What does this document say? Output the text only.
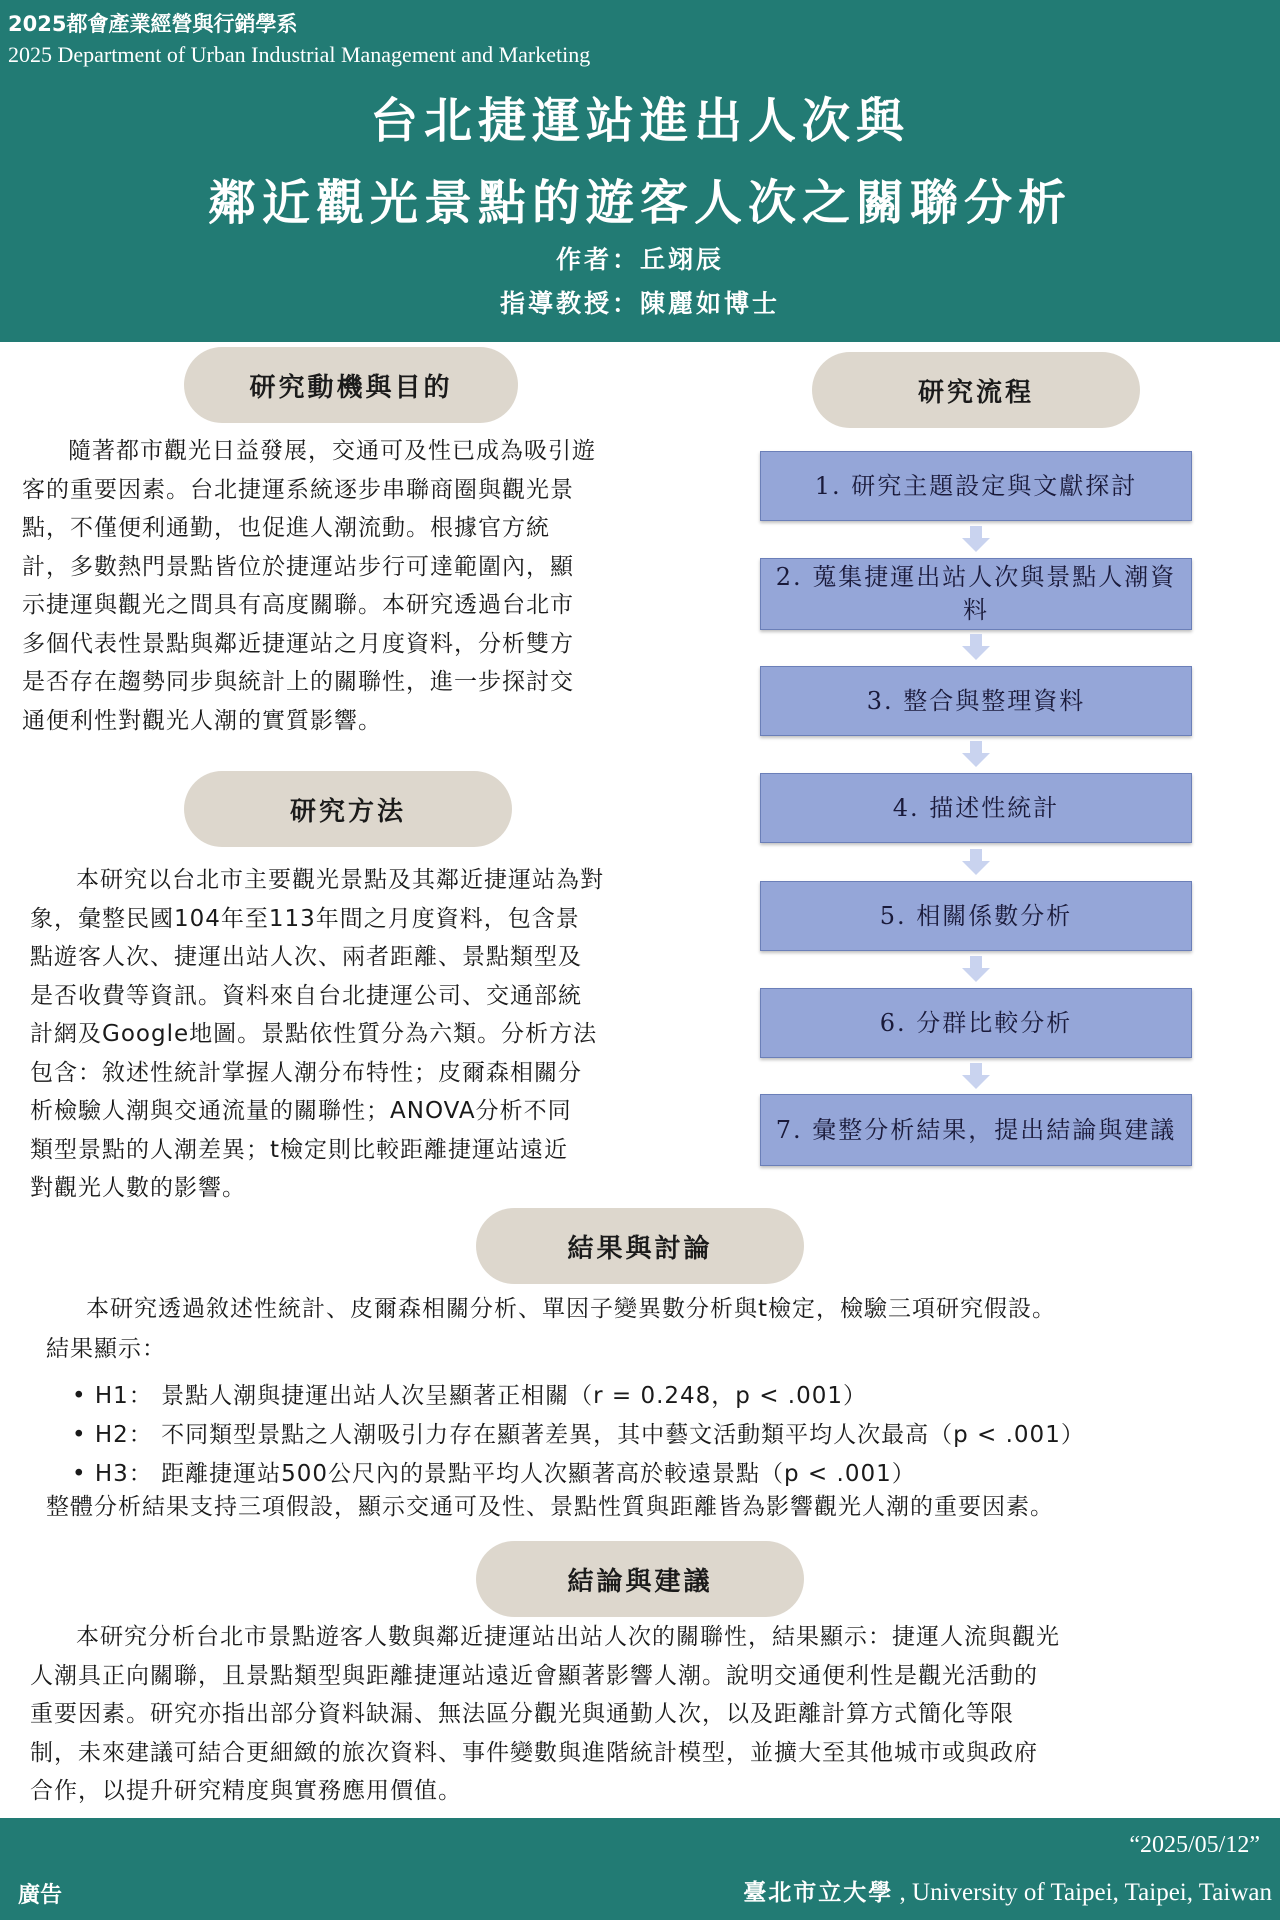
2025都會產業經營與行銷學系
2025 Department of Urban Industrial Management and Marketing
台北捷運站進出人次與
鄰近觀光景點的遊客人次之關聯分析
作者：丘翊辰
指導教授：陳麗如博士
研究動機與目的
隨著都市觀光日益發展，交通可及性已成為吸引遊
客的重要因素。台北捷運系統逐步串聯商圈與觀光景
點，不僅便利通勤，也促進人潮流動。根據官方統
計，多數熱門景點皆位於捷運站步行可達範圍內，顯
示捷運與觀光之間具有高度關聯。本研究透過台北市
多個代表性景點與鄰近捷運站之月度資料，分析雙方
是否存在趨勢同步與統計上的關聯性，進一步探討交
通便利性對觀光人潮的實質影響。
研究方法
本研究以台北市主要觀光景點及其鄰近捷運站為對
象，彙整民國104年至113年間之月度資料，包含景
點遊客人次、捷運出站人次、兩者距離、景點類型及
是否收費等資訊。資料來自台北捷運公司、交通部統
計網及Google地圖。景點依性質分為六類。分析方法
包含：敘述性統計掌握人潮分布特性；皮爾森相關分
析檢驗人潮與交通流量的關聯性；ANOVA分析不同
類型景點的人潮差異；t檢定則比較距離捷運站遠近
對觀光人數的影響。
研究流程
1. 研究主題設定與文獻探討
2. 蒐集捷運出站人次與景點人潮資料
3. 整合與整理資料
4. 描述性統計
5. 相關係數分析
6. 分群比較分析
7. 彙整分析結果，提出結論與建議
結果與討論
本研究透過敘述性統計、皮爾森相關分析、單因子變異數分析與t檢定，檢驗三項研究假設。
結果顯示：
• H1： 景點人潮與捷運出站人次呈顯著正相關（r = 0.248，p < .001）
• H2： 不同類型景點之人潮吸引力存在顯著差異，其中藝文活動類平均人次最高（p < .001）
• H3： 距離捷運站500公尺內的景點平均人次顯著高於較遠景點（p < .001）
整體分析結果支持三項假設，顯示交通可及性、景點性質與距離皆為影響觀光人潮的重要因素。
結論與建議
本研究分析台北市景點遊客人數與鄰近捷運站出站人次的關聯性，結果顯示：捷運人流與觀光
人潮具正向關聯，且景點類型與距離捷運站遠近會顯著影響人潮。說明交通便利性是觀光活動的
重要因素。研究亦指出部分資料缺漏、無法區分觀光與通勤人次，以及距離計算方式簡化等限
制，未來建議可結合更細緻的旅次資料、事件變數與進階統計模型，並擴大至其他城市或與政府
合作，以提升研究精度與實務應用價值。
廣告
“2025/05/12”
臺北市立大學 , University of Taipei, Taipei, Taiwan
